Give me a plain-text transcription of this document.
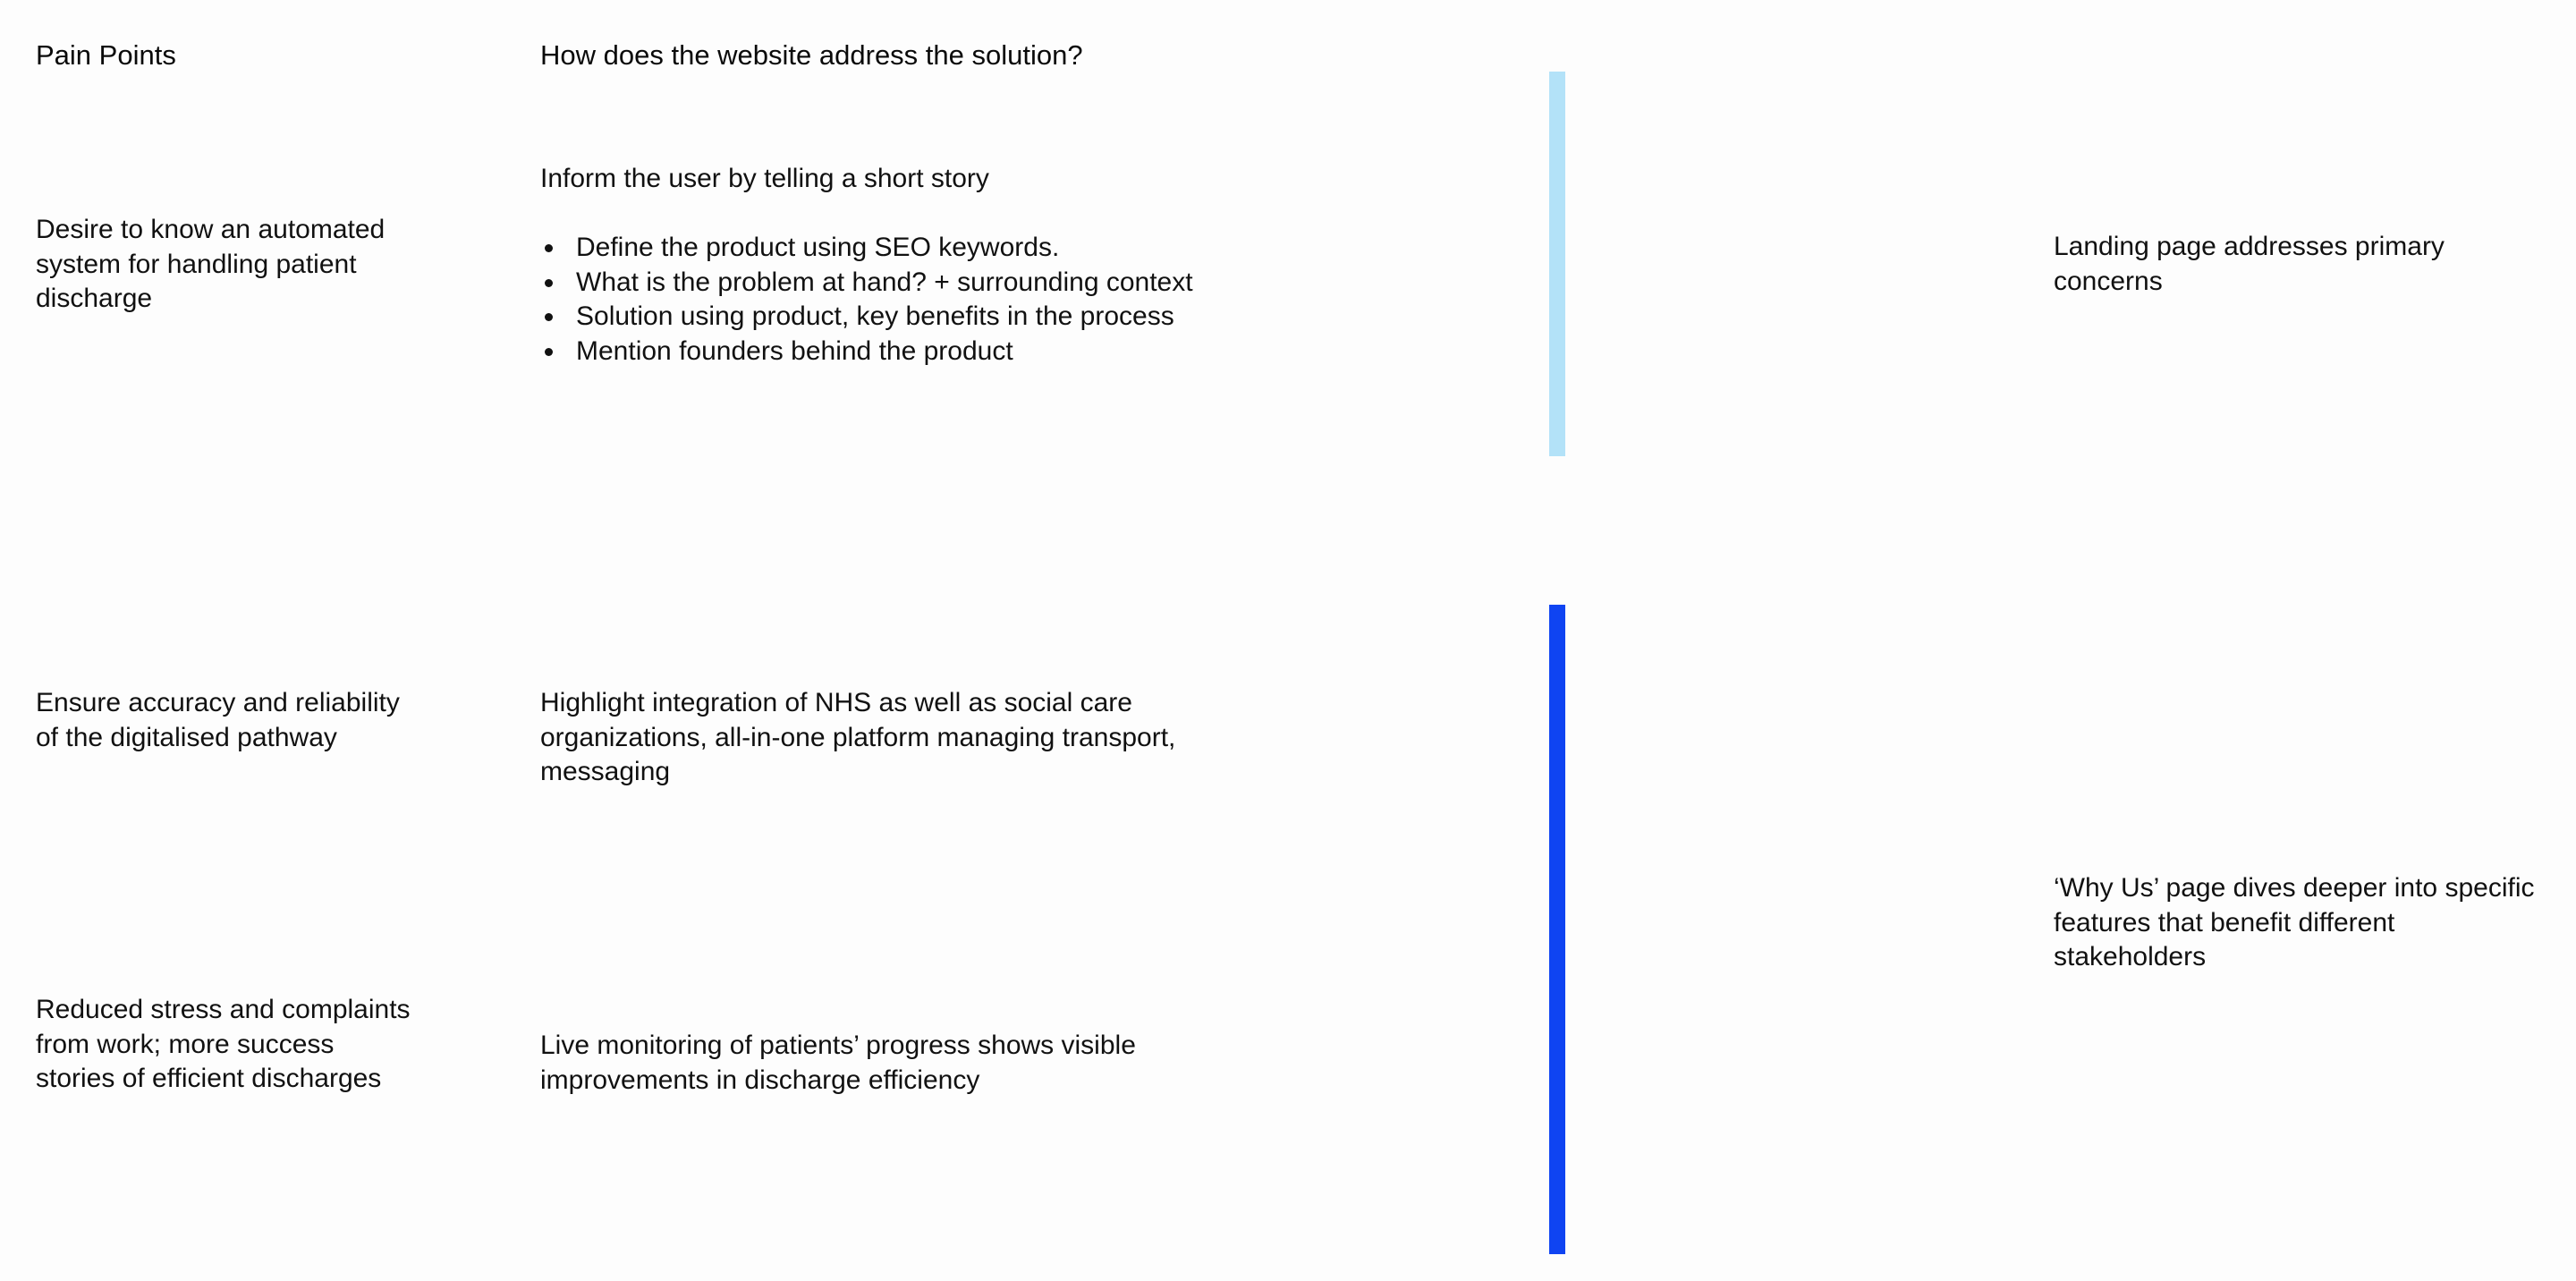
Pain Points	How does the website address the solution?

Desire to know an automated system for handling patient discharge

Inform the user by telling a short story

Define the product using SEO keywords.
What is the problem at hand? + surrounding context
Solution using product, key benefits in the process
Mention founders behind the product

Landing page addresses primary concerns

Ensure accuracy and reliability of the digitalised pathway

Highlight integration of NHS as well as social care organizations, all-in-one platform managing transport, messaging

Reduced stress and complaints from work; more success stories of efficient discharges

Live monitoring of patients’ progress shows visible improvements in discharge efficiency

‘Why Us’ page dives deeper into specific features that benefit different stakeholders
